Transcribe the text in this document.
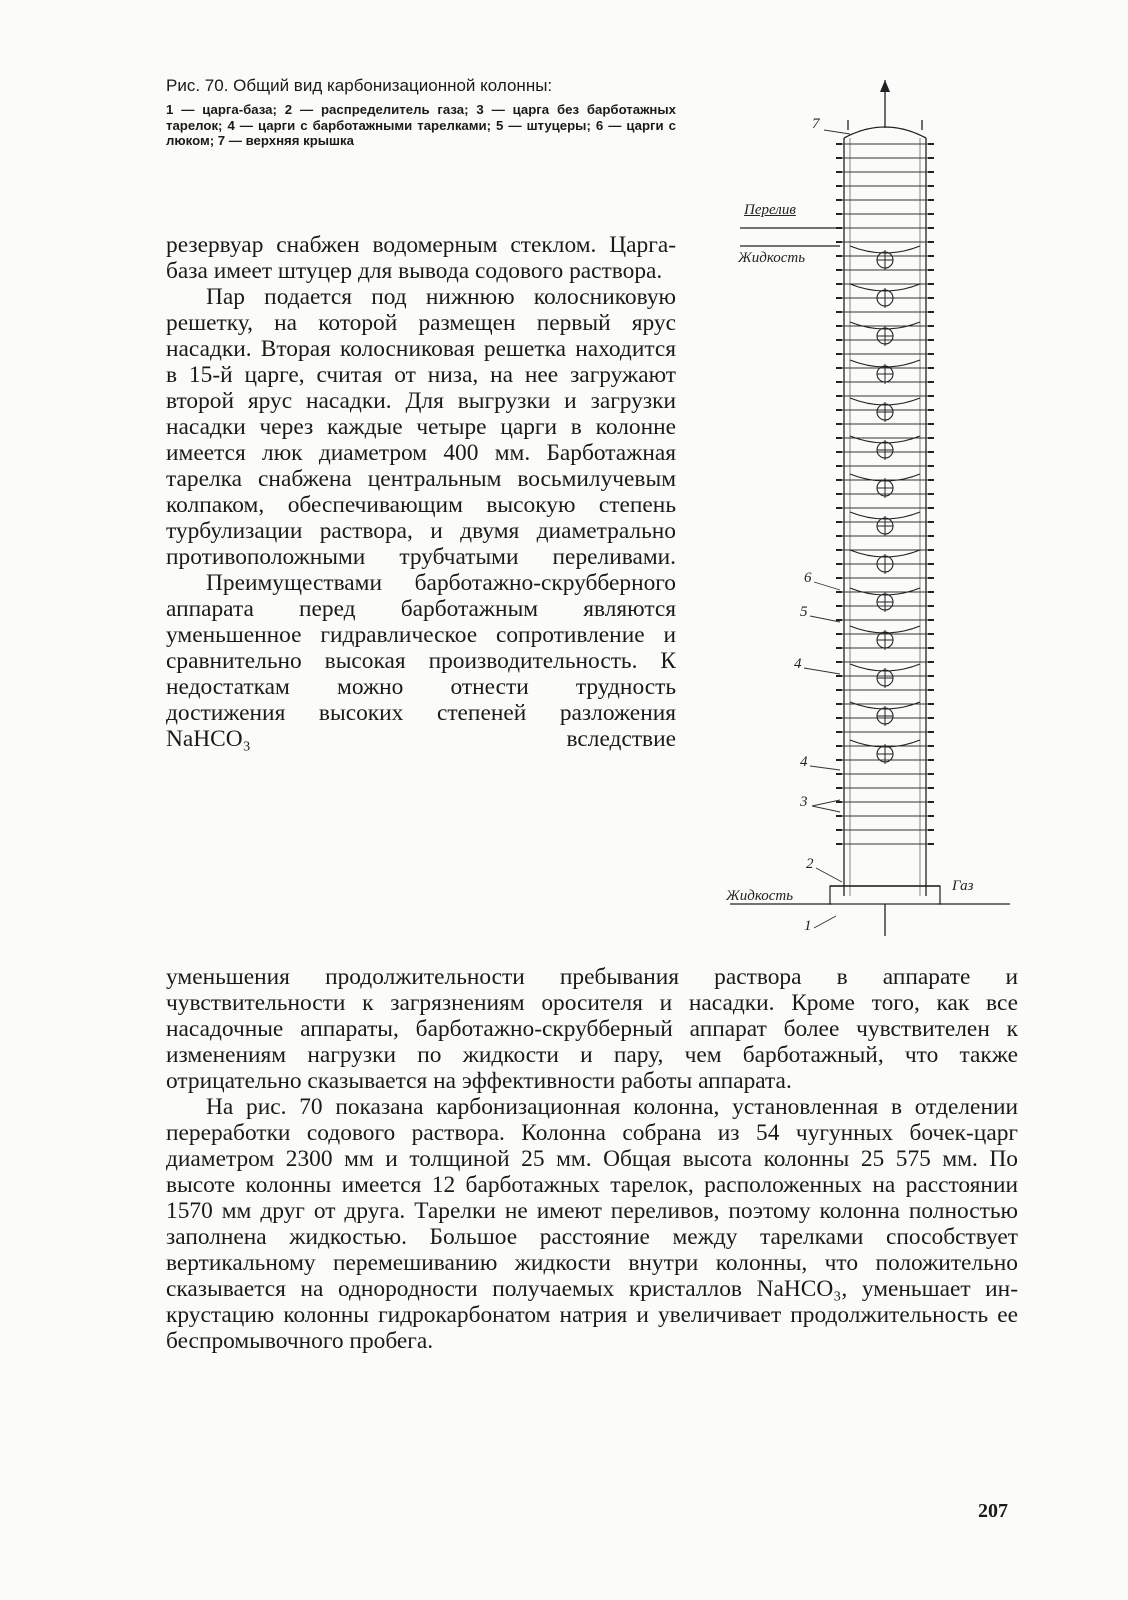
Рис. 70. Общий вид карбонизационной колонны:

1 — царга-база; 2 — распределитель газа; 3 — царга без барботажных тарелок; 4 — царги с барботажными тарелками; 5 — штуцеры; 6 — царги с люком; 7 — верхняя крышка

7
Перелив
Жидкость
6
5
4
4
3
2
Жидкость
1
Газ

резервуар снабжен водомерным стеклом. Царга-база имеет штуцер для вывода содового раствора.

Пар подается под нижнюю колосниковую решетку, на которой размещен первый ярус насадки. Вторая колосниковая решетка находится в 15-й царге, считая от низа, на нее загружают второй ярус насадки. Для выгрузки и загрузки насадки через каждые четыре царги в колонне имеется люк диаметром 400 мм. Барботажная тарелка снабжена центральным восьмилучевым колпаком, обеспечивающим высокую степень турбулизации раствора, и двумя диаметрально противоположными трубчатыми переливами.

Преимуществами барботажно-скрубберного аппарата перед барботажным являются уменьшенное гидравлическое сопротивление и сравнительно высокая производительность. К недостаткам можно отнести трудность достижения высоких степеней разложения NaHCO₃ вследствие

уменьшения продолжительности пребывания раствора в аппарате и чувствительности к загрязнениям оросителя и насадки. Кроме того, как все насадочные аппараты, барботажно-скрубберный аппарат более чувствителен к изменениям нагрузки по жидкости и пару, чем барботажный, что также отрицательно сказывается на эффективности работы аппарата.

На рис. 70 показана карбонизационная колонна, установленная в отделении переработки содового раствора. Колонна собрана из 54 чугунных бочек-царг диаметром 2300 мм и толщиной 25 мм. Общая высота колонны 25 575 мм. По высоте колонны имеется 12 барботажных тарелок, расположенных на расстоянии 1570 мм друг от друга. Тарелки не имеют переливов, поэтому колонна полностью заполнена жидкостью. Большое расстояние между тарелками способствует вертикальному перемешиванию жидкости внутри колонны, что положительно сказывается на однородности получаемых кристаллов NaHCO₃, уменьшает инкрустацию колонны гидрокарбонатом натрия и увеличивает продолжительность ее беспромывочного пробега.

207
